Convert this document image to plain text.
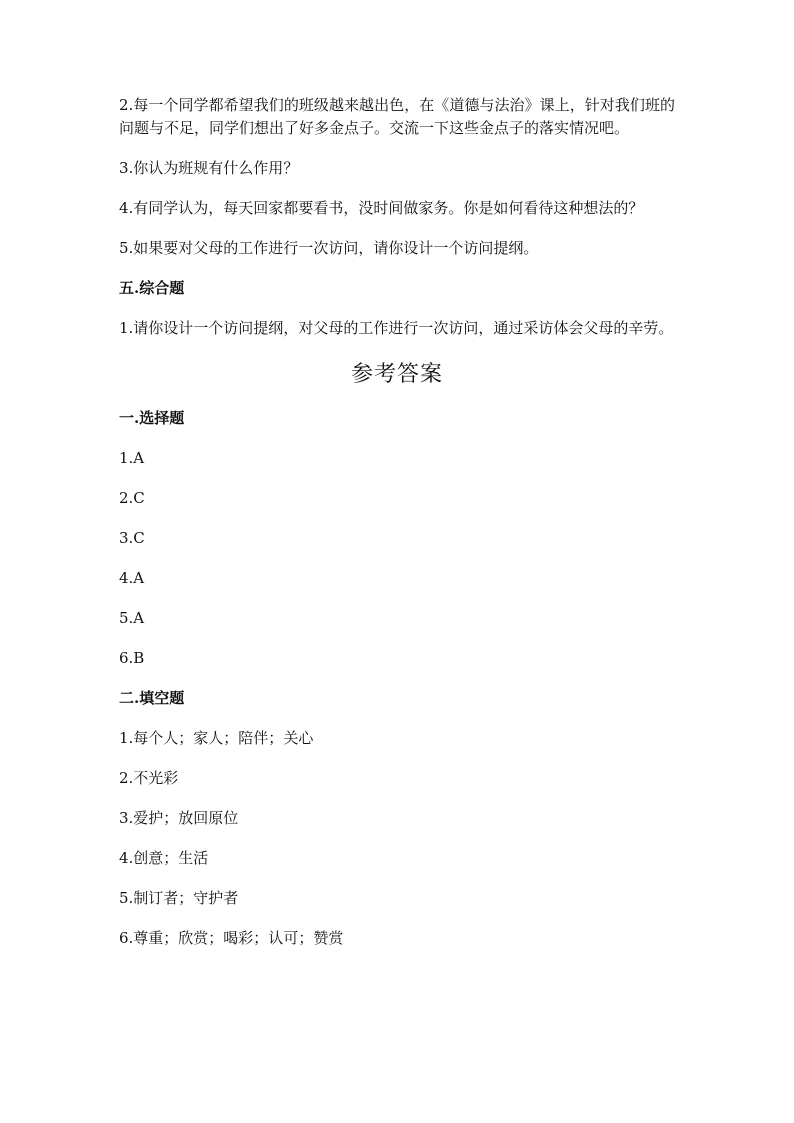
2.每一个同学都希望我们的班级越来越出色，在《道德与法治》课上，针对我们班的问题与不足，同学们想出了好多金点子。交流一下这些金点子的落实情况吧。

3.你认为班规有什么作用？

4.有同学认为，每天回家都要看书，没时间做家务。你是如何看待这种想法的？

5.如果要对父母的工作进行一次访问，请你设计一个访问提纲。

五.综合题

1.请你设计一个访问提纲，对父母的工作进行一次访问，通过采访体会父母的辛劳。

参考答案

一.选择题

1.A

2.C

3.C

4.A

5.A

6.B

二.填空题

1.每个人；家人；陪伴；关心

2.不光彩

3.爱护；放回原位

4.创意；生活

5.制订者；守护者

6.尊重；欣赏；喝彩；认可；赞赏
